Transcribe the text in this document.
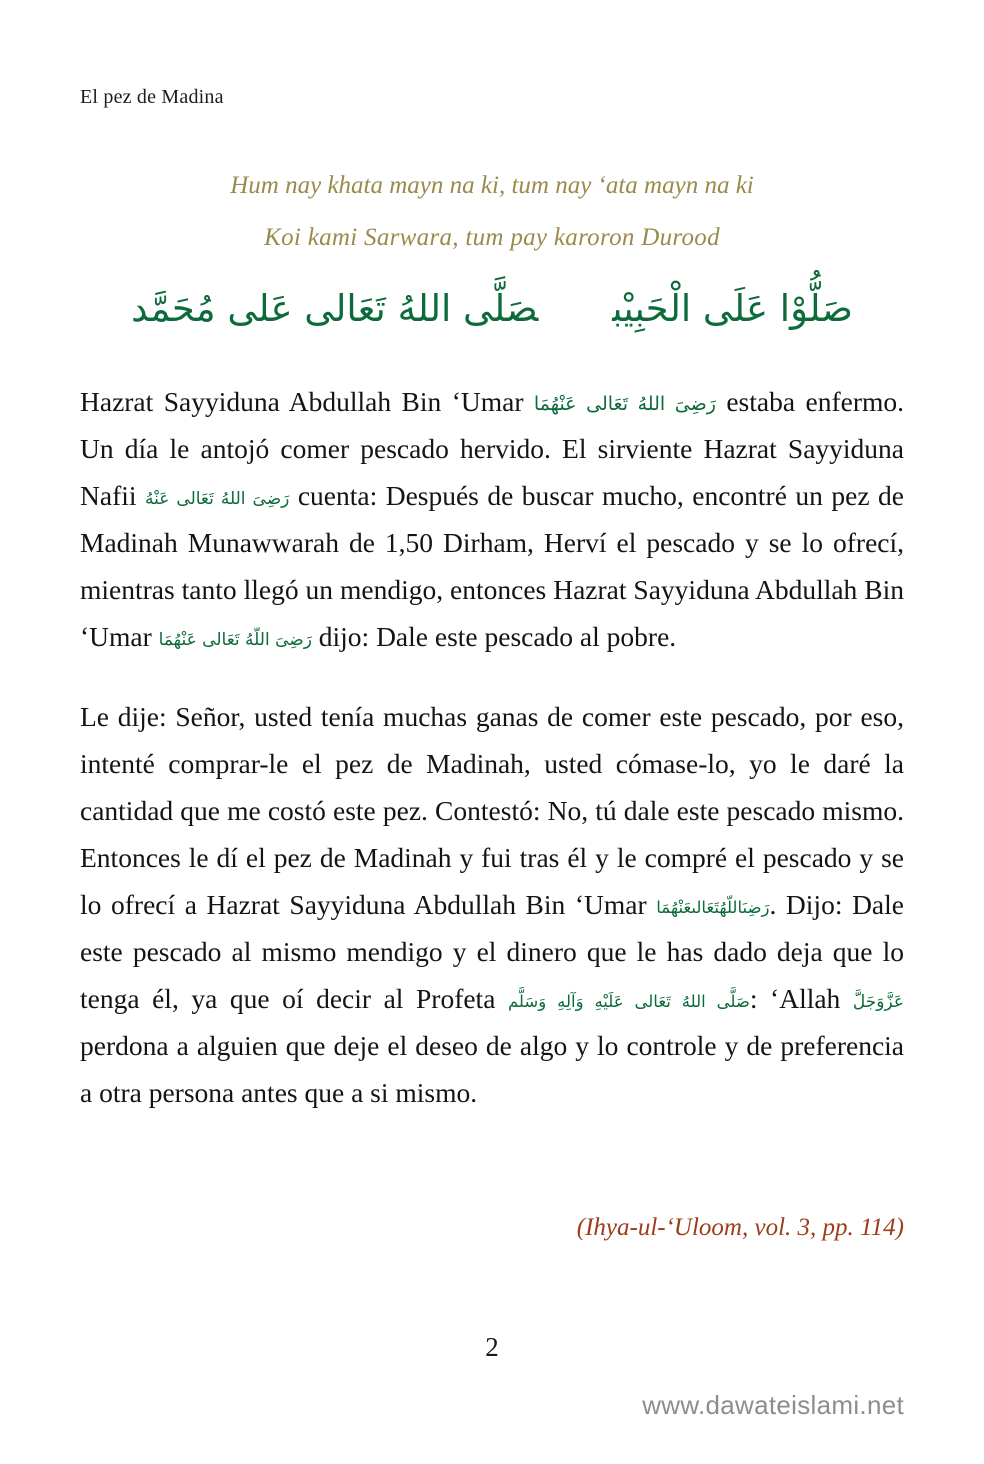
El pez de Madina
Hum nay khata mayn na ki, tum nay ‘ata mayn na ki
Koi kami Sarwara, tum pay karoron Durood
صَلُّوْا عَلَى الْحَبِيْبصَلَّى اللهُ تَعَالى عَلى مُحَمَّد

Hazrat Sayyiduna Abdullah Bin ‘Umar رَضِىَ اللهُ تَعَالى عَنْهُمَا estaba enfermo. Un día le antojó comer pescado hervido. El sirviente Hazrat Sayyiduna Nafii رَضِىَ اللهُ تَعَالى عَنْهُ cuenta: Después de buscar mucho, encontré un pez de Madinah Munawwarah de 1,50 Dirham, Herví el pescado y se lo ofrecí, mientras tanto llegó un mendigo, entonces Hazrat Sayyiduna Abdullah Bin ‘Umar رَضِىَ اللّهُ تَعَالى عَنْهُمَا dijo: Dale este pescado al pobre.

Le dije: Señor, usted tenía muchas ganas de comer este pescado, por eso, intenté comprar-le el pez de Madinah, usted cómase-lo, yo le daré la cantidad que me costó este pez. Contestó: No, tú dale este pescado mismo. Entonces le dí el pez de Madinah y fui tras él y le compré el pescado y se lo ofrecí a Hazrat Sayyiduna Abdullah Bin ‘Umar رَضِىَاللّهُتَعَالىعَنْهُمَا. Dijo: Dale este pescado al mismo mendigo y el dinero que le has dado deja que lo tenga él, ya que oí decir al Profeta صَلَّى اللهُ تَعَالى عَلَيْهِ وَآلِهِ وَسَلَّم: ‘Allah عَزَّوَجَلَّ perdona a alguien que deje el deseo de algo y lo controle y de preferencia a otra persona antes que a si mismo.

(Ihya-ul-‘Uloom, vol. 3, pp. 114)
2
www.dawateislami.net
